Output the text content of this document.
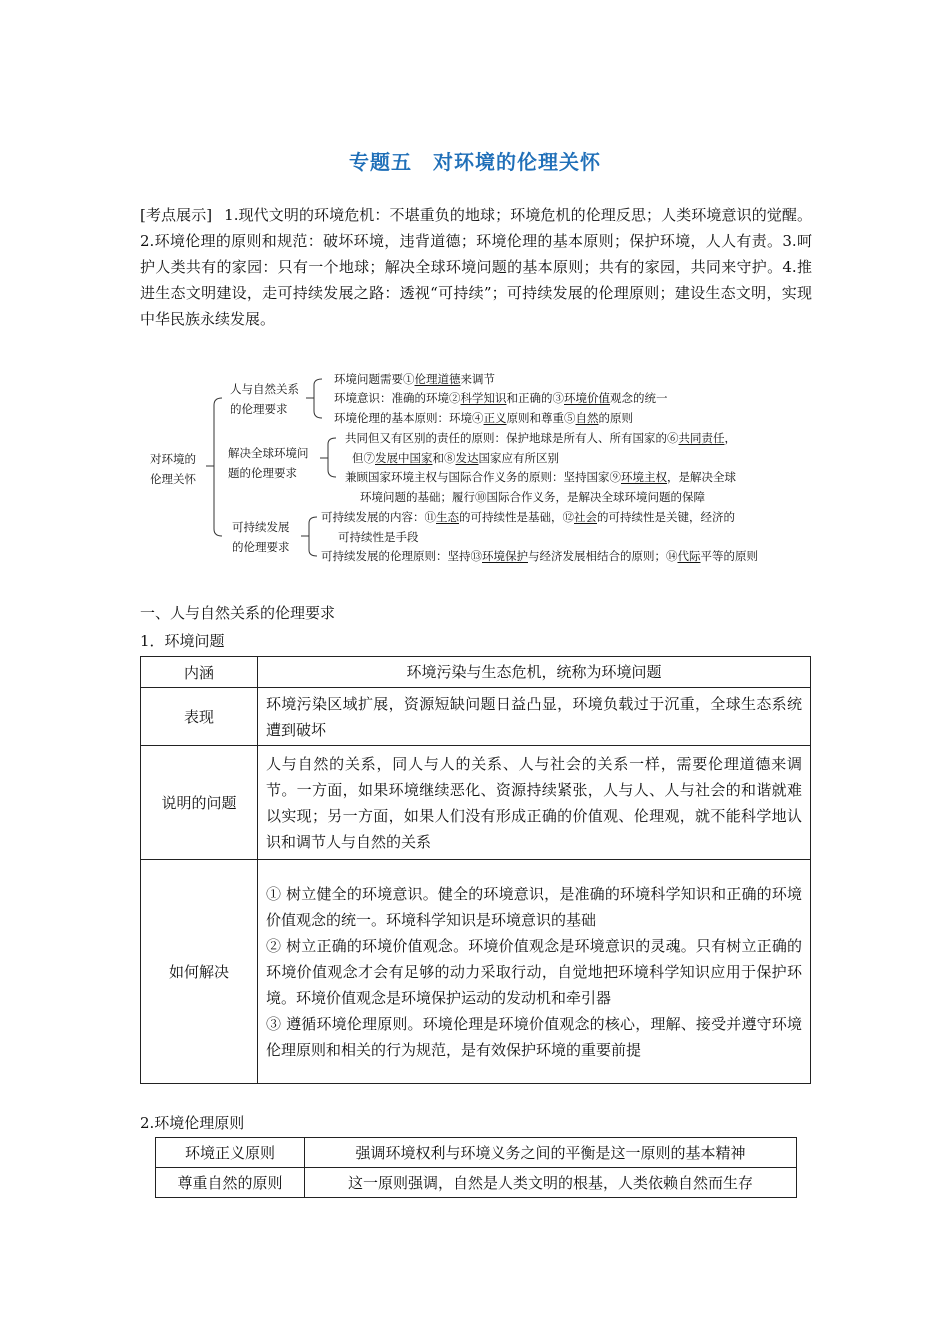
专题五　对环境的伦理关怀
[考点展示] 1.现代文明的环境危机：不堪重负的地球；环境危机的伦理反思；人类环境意识的觉醒。2.环境伦理的原则和规范：破坏环境，违背道德；环境伦理的基本原则；保护环境，人人有责。3.呵护人类共有的家园：只有一个地球；解决全球环境问题的基本原则；共有的家园，共同来守护。4.推进生态文明建设，走可持续发展之路：透视“可持续”；可持续发展的伦理原则；建设生态文明，实现中华民族永续发展。
对环境的
伦理关怀
人与自然关系
的伦理要求
解决全球环境问
题的伦理要求
可持续发展
的伦理要求
环境问题需要①伦理道德来调节
环境意识：准确的环境②科学知识和正确的③环境价值观念的统一
环境伦理的基本原则：环境④正义原则和尊重⑤自然的原则
共同但又有区别的责任的原则：保护地球是所有人、所有国家的⑥共同责任，
但⑦发展中国家和⑧发达国家应有所区别
兼顾国家环境主权与国际合作义务的原则：坚持国家⑨环境主权，是解决全球
环境问题的基础；履行⑩国际合作义务，是解决全球环境问题的保障
可持续发展的内容：⑪生态的可持续性是基础，⑫社会的可持续性是关键，经济的
可持续性是手段
可持续发展的伦理原则：坚持⑬环境保护与经济发展相结合的原则；⑭代际平等的原则
一、人与自然关系的伦理要求
1．环境问题
内涵	环境污染与生态危机，统称为环境问题
表现	环境污染区域扩展，资源短缺问题日益凸显，环境负载过于沉重，全球生态系统遭到破坏
说明的问题	人与自然的关系，同人与人的关系、人与社会的关系一样，需要伦理道德来调节。一方面，如果环境继续恶化、资源持续紧张，人与人、人与社会的和谐就难以实现；另一方面，如果人们没有形成正确的价值观、伦理观，就不能科学地认识和调节人与自然的关系
如何解决	① 树立健全的环境意识。健全的环境意识，是准确的环境科学知识和正确的环境价值观念的统一。环境科学知识是环境意识的基础
② 树立正确的环境价值观念。环境价值观念是环境意识的灵魂。只有树立正确的环境价值观念才会有足够的动力采取行动，自觉地把环境科学知识应用于保护环境。环境价值观念是环境保护运动的发动机和牵引器
③ 遵循环境伦理原则。环境伦理是环境价值观念的核心，理解、接受并遵守环境伦理原则和相关的行为规范，是有效保护环境的重要前提
2.环境伦理原则
环境正义原则	强调环境权利与环境义务之间的平衡是这一原则的基本精神
尊重自然的原则	这一原则强调，自然是人类文明的根基，人类依赖自然而生存
